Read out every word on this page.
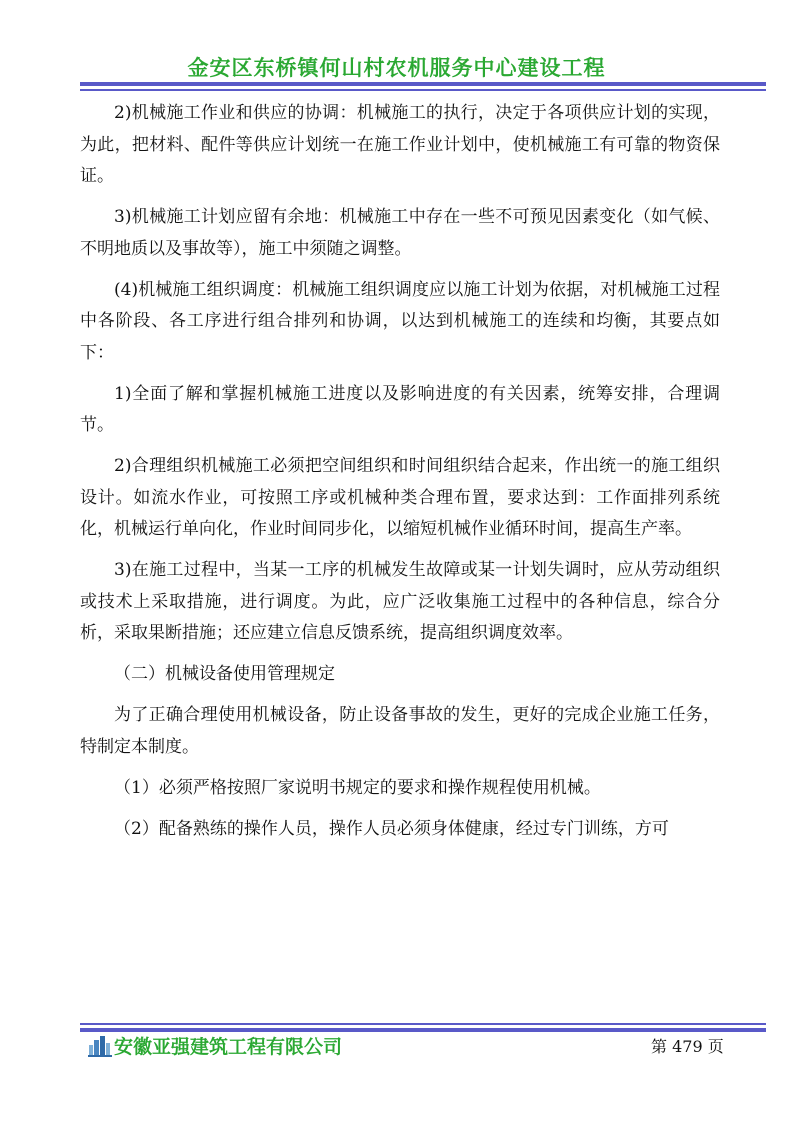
金安区东桥镇何山村农机服务中心建设工程

2)机械施工作业和供应的协调：机械施工的执行，决定于各项供应计划的实现，为此，把材料、配件等供应计划统一在施工作业计划中，使机械施工有可靠的物资保证。

3)机械施工计划应留有余地：机械施工中存在一些不可预见因素变化（如气候、不明地质以及事故等），施工中须随之调整。

(4)机械施工组织调度：机械施工组织调度应以施工计划为依据，对机械施工过程中各阶段、各工序进行组合排列和协调，以达到机械施工的连续和均衡，其要点如下：

1)全面了解和掌握机械施工进度以及影响进度的有关因素，统筹安排，合理调节。

2)合理组织机械施工必须把空间组织和时间组织结合起来，作出统一的施工组织设计。如流水作业，可按照工序或机械种类合理布置，要求达到：工作面排列系统化，机械运行单向化，作业时间同步化，以缩短机械作业循环时间，提高生产率。

3)在施工过程中，当某一工序的机械发生故障或某一计划失调时，应从劳动组织或技术上采取措施，进行调度。为此，应广泛收集施工过程中的各种信息，综合分析，采取果断措施；还应建立信息反馈系统，提高组织调度效率。

（二）机械设备使用管理规定

为了正确合理使用机械设备，防止设备事故的发生，更好的完成企业施工任务，特制定本制度。

（1）必须严格按照厂家说明书规定的要求和操作规程使用机械。

（2）配备熟练的操作人员，操作人员必须身体健康，经过专门训练，方可

安徽亚强建筑工程有限公司	第 479 页
